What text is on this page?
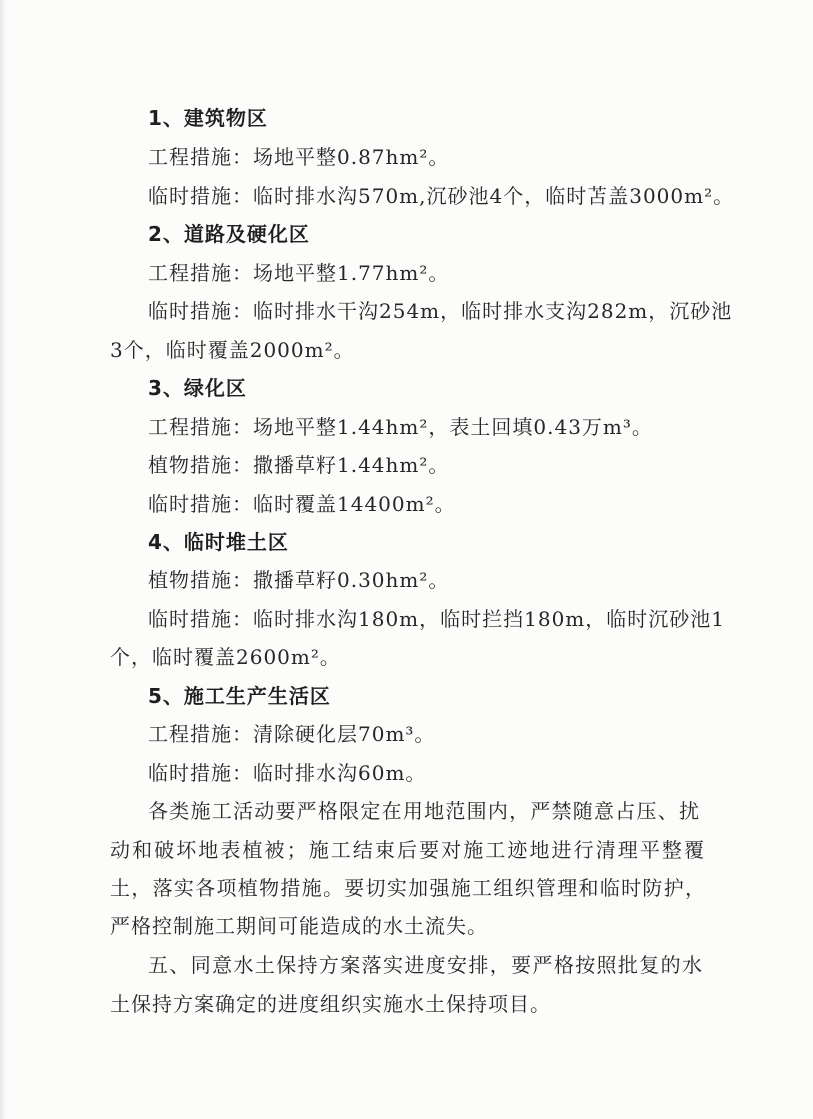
1、建筑物区
工程措施：场地平整0.87hm²。
临时措施：临时排水沟570m,沉砂池4个，临时苫盖3000m²。
2、道路及硬化区
工程措施：场地平整1.77hm²。
临时措施：临时排水干沟254m，临时排水支沟282m，沉砂池
3个，临时覆盖2000m²。
3、绿化区
工程措施：场地平整1.44hm²，表土回填0.43万m³。
植物措施：撒播草籽1.44hm²。
临时措施：临时覆盖14400m²。
4、临时堆土区
植物措施：撒播草籽0.30hm²。
临时措施：临时排水沟180m，临时拦挡180m，临时沉砂池1
个，临时覆盖2600m²。
5、施工生产生活区
工程措施：清除硬化层70m³。
临时措施：临时排水沟60m。
各类施工活动要严格限定在用地范围内，严禁随意占压、扰
动和破坏地表植被；施工结束后要对施工迹地进行清理平整覆
土，落实各项植物措施。要切实加强施工组织管理和临时防护，
严格控制施工期间可能造成的水土流失。
五、同意水土保持方案落实进度安排，要严格按照批复的水
土保持方案确定的进度组织实施水土保持项目。
